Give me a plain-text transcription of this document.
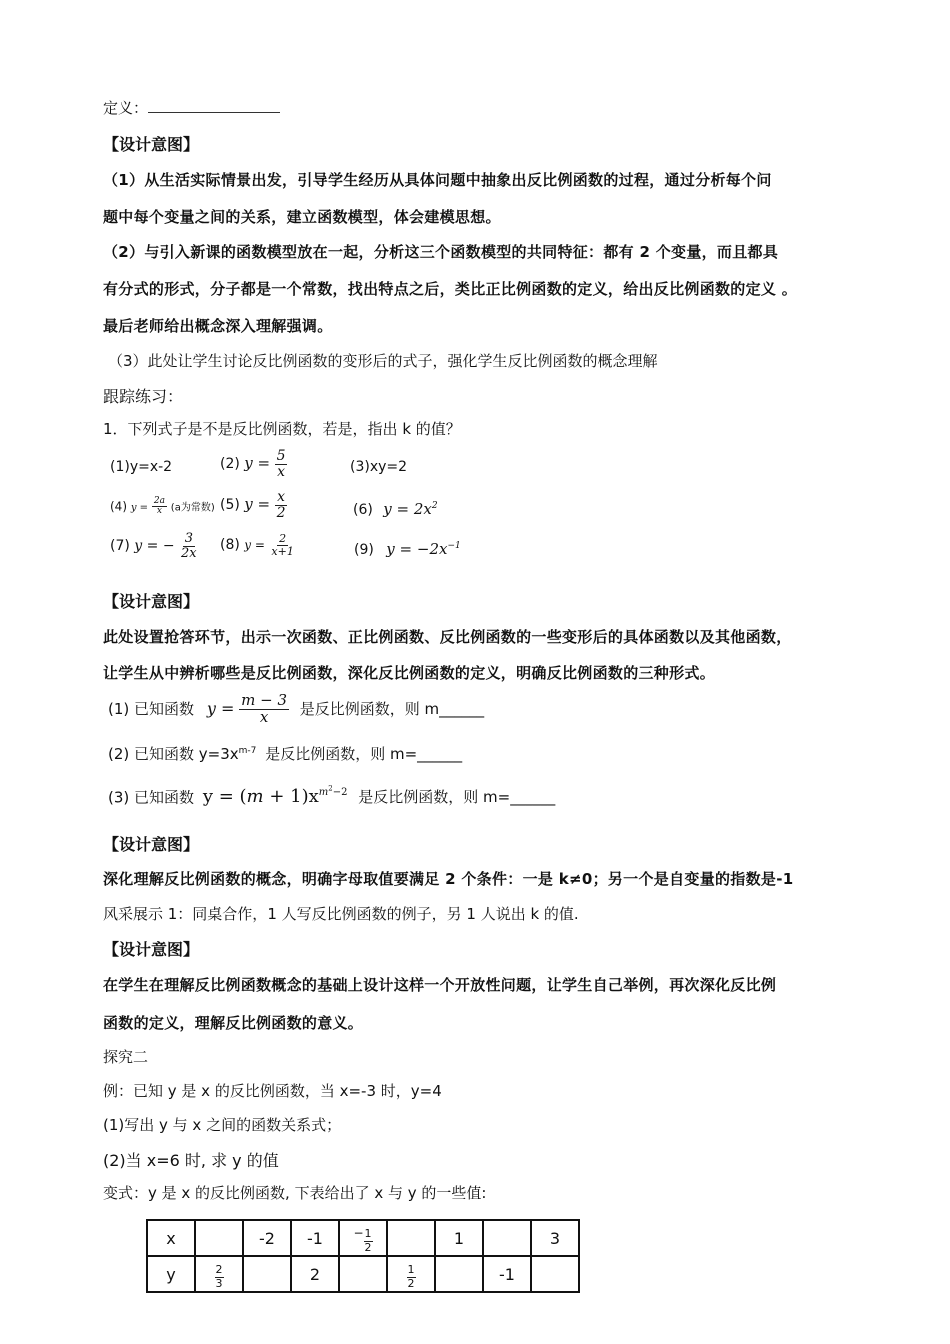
定义：
【设计意图】
（1）从生活实际情景出发，引导学生经历从具体问题中抽象出反比例函数的过程，通过分析每个问
题中每个变量之间的关系，建立函数模型，体会建模思想。
（2）与引入新课的函数模型放在一起，分析这三个函数模型的共同特征：都有 2 个变量，而且都具
有分式的形式，分子都是一个常数，找出特点之后，类比正比例函数的定义，给出反比例函数的定义 。
最后老师给出概念深入理解强调。
（3）此处让学生讨论反比例函数的变形后的式子，强化学生反比例函数的概念理解
跟踪练习：
1．下列式子是不是反比例函数，若是，指出 k 的值？
(1)y=x-2	(2) $y = \frac{5}{x}$	(3)xy=2
(4) $y = \frac{2a}{x} (a$为常数) (5) $y = \frac{x}{2}$	(6) $y = 2x^2$
(7) y = − $\frac{3}{2x} (8) y = \frac{2}{x+1}$	(9) $y = -2x^{-1}$
【设计意图】
此处设置抢答环节，出示一次函数、正比例函数、反比例函数的一些变形后的具体函数以及其他函数，
让学生从中辨析哪些是反比例函数，深化反比例函数的定义，明确反比例函数的三种形式。
(1) 已知函数 $y = \frac{m - 3}{x}$ 是反比例函数，则 m______
(2) 已知函数 $y=3x^{m-7}$ 是反比例函数，则 m=______
(3) 已知函数 $y = (m + 1)x^{m^2-2}$ 是反比例函数，则 m=______
【设计意图】
深化理解反比例函数的概念，明确字母取值要满足 2 个条件：一是 k≠0；另一个是自变量的指数是-1
风采展示 1：同桌合作，1 人写反比例函数的例子，另 1 人说出 k 的值.
【设计意图】
在学生在理解反比例函数概念的基础上设计这样一个开放性问题，让学生自己举例，再次深化反比例
函数的定义，理解反比例函数的意义。
探究二
例：已知 y 是 x 的反比例函数，当 x=-3 时，y=4
(1)写出 y 与 x 之间的函数关系式；
(2)当 x=6 时, 求 y 的值
变式：y 是 x 的反比例函数, 下表给出了 x 与 y 的一些值:
x		-2	-1	− $\frac{1}{2}$		1		3
y	$\frac{2}{3}$		2		$\frac{1}{2}$		-1	
